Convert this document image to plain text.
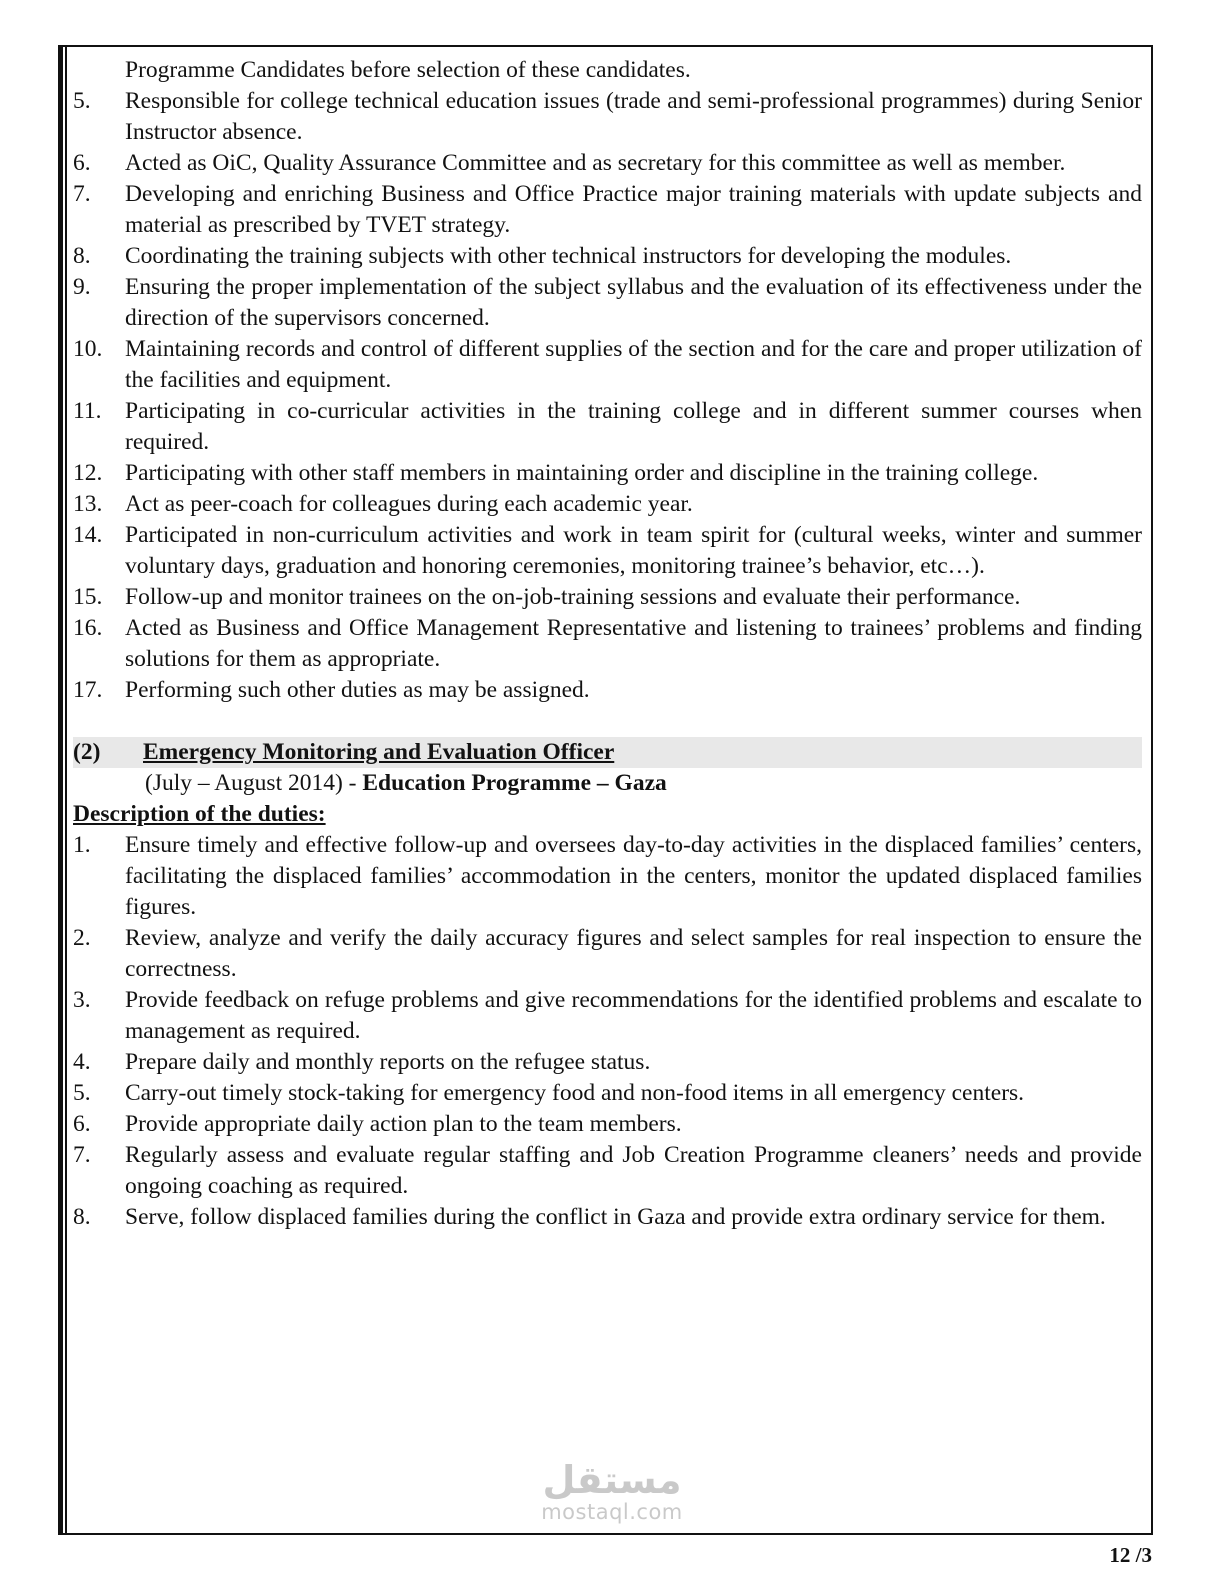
مستقل
mostaql.com
Programme Candidates before selection of these candidates.
5.	Responsible for college technical education issues (trade and semi-professional programmes) during Senior Instructor absence.
6.	Acted as OiC, Quality Assurance Committee and as secretary for this committee as well as member.
7.	Developing and enriching Business and Office Practice major training materials with update subjects and material as prescribed by TVET strategy.
8.	Coordinating the training subjects with other technical instructors for developing the modules.
9.	Ensuring the proper implementation of the subject syllabus and the evaluation of its effectiveness under the direction of the supervisors concerned.
10. Maintaining records and control of different supplies of the section and for the care and proper utilization of the facilities and equipment.
11. Participating in co-curricular activities in the training college and in different summer courses when required.
12. Participating with other staff members in maintaining order and discipline in the training college.
13. Act as peer-coach for colleagues during each academic year.
14. Participated in non-curriculum activities and work in team spirit for (cultural weeks, winter and summer voluntary days, graduation and honoring ceremonies, monitoring trainee’s behavior, etc…).
15. Follow-up and monitor trainees on the on-job-training sessions and evaluate their performance.
16. Acted as Business and Office Management Representative and listening to trainees’ problems and finding solutions for them as appropriate.
17. Performing such other duties as may be assigned.
(2)	Emergency Monitoring and Evaluation Officer
(July – August 2014) - Education Programme – Gaza
Description of the duties:
1.	Ensure timely and effective follow-up and oversees day-to-day activities in the displaced families’ centers, facilitating the displaced families’ accommodation in the centers, monitor the updated displaced families figures.
2.	Review, analyze and verify the daily accuracy figures and select samples for real inspection to ensure the correctness.
3.	Provide feedback on refuge problems and give recommendations for the identified problems and escalate to management as required.
4.	Prepare daily and monthly reports on the refugee status.
5.	Carry-out timely stock-taking for emergency food and non-food items in all emergency centers.
6.	Provide appropriate daily action plan to the team members.
7.	Regularly assess and evaluate regular staffing and Job Creation Programme cleaners’ needs and provide ongoing coaching as required.
8.	Serve, follow displaced families during the conflict in Gaza and provide extra ordinary service for them.
12 /3
